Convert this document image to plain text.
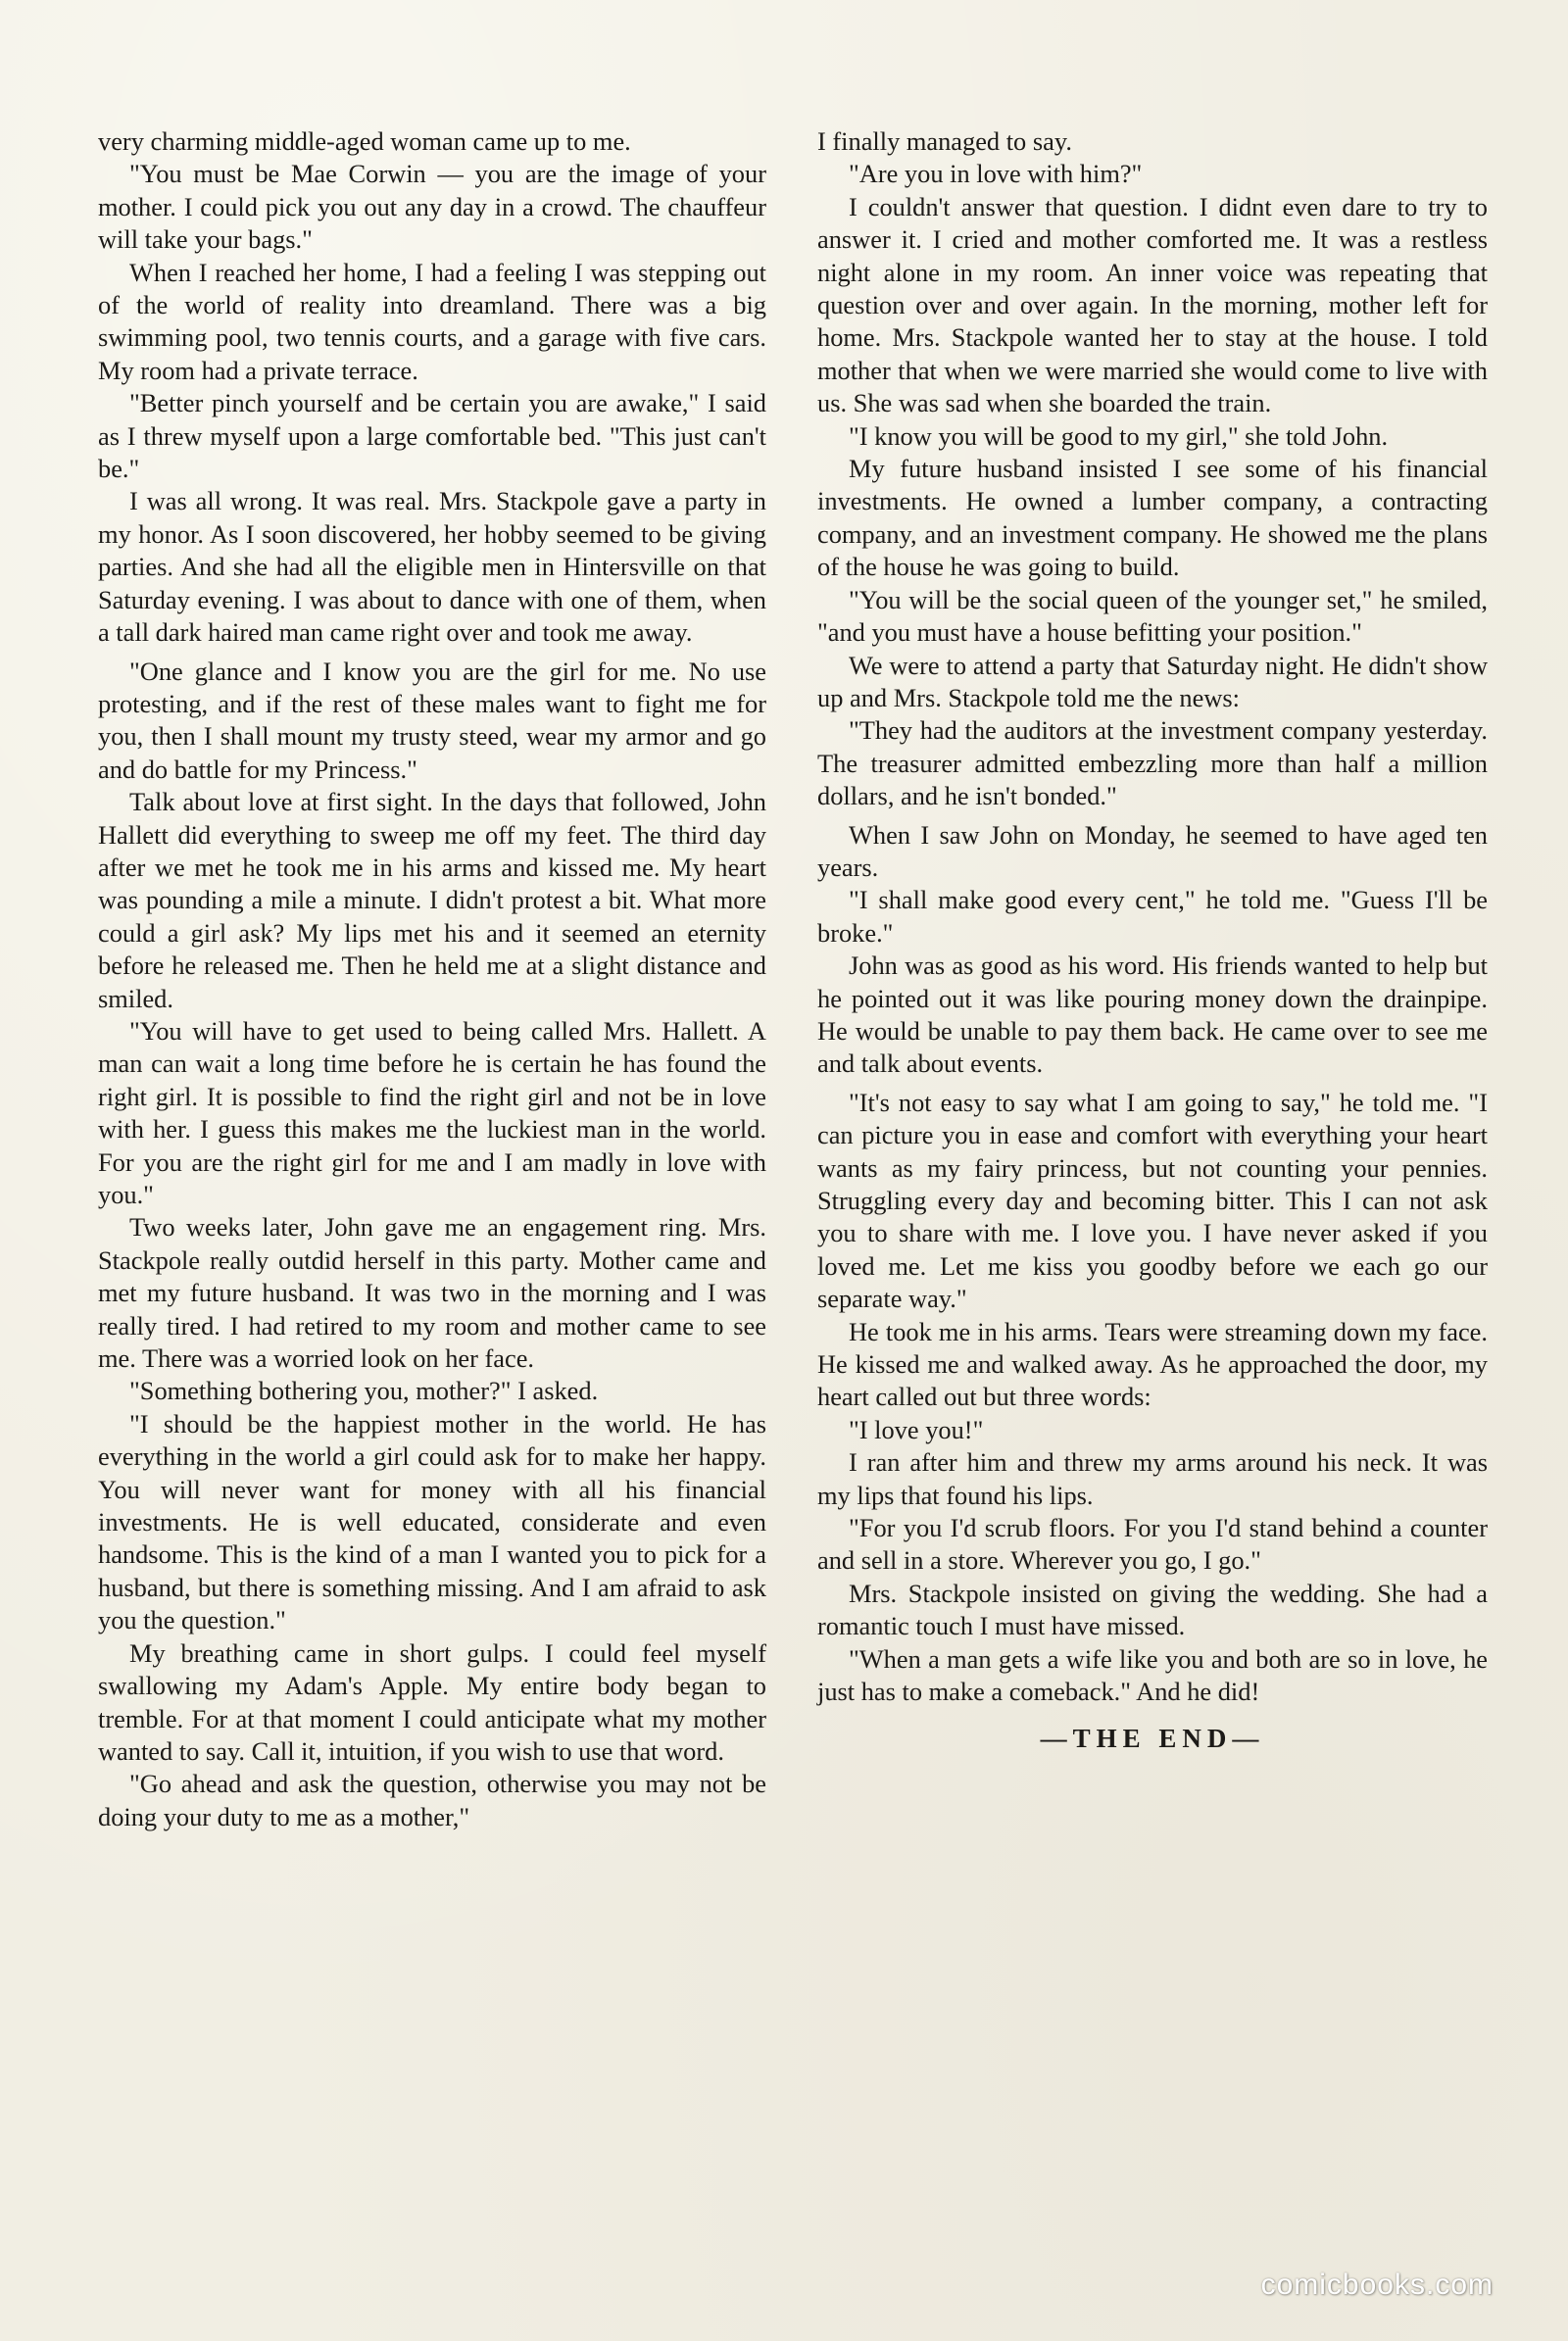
very charming middle-aged woman came up to me.

"You must be Mae Corwin — you are the image of your mother. I could pick you out any day in a crowd. The chauffeur will take your bags."

When I reached her home, I had a feeling I was stepping out of the world of reality into dreamland. There was a big swimming pool, two tennis courts, and a garage with five cars. My room had a private terrace.

"Better pinch yourself and be certain you are awake," I said as I threw myself upon a large comfortable bed. "This just can't be."

I was all wrong. It was real. Mrs. Stackpole gave a party in my honor. As I soon discovered, her hobby seemed to be giving parties. And she had all the eligible men in Hintersville on that Saturday evening. I was about to dance with one of them, when a tall dark haired man came right over and took me away.

"One glance and I know you are the girl for me. No use protesting, and if the rest of these males want to fight me for you, then I shall mount my trusty steed, wear my armor and go and do battle for my Princess."

Talk about love at first sight. In the days that followed, John Hallett did everything to sweep me off my feet. The third day after we met he took me in his arms and kissed me. My heart was pounding a mile a minute. I didn't protest a bit. What more could a girl ask? My lips met his and it seemed an eternity before he released me. Then he held me at a slight distance and smiled.

"You will have to get used to being called Mrs. Hallett. A man can wait a long time before he is certain he has found the right girl. It is possible to find the right girl and not be in love with her. I guess this makes me the luckiest man in the world. For you are the right girl for me and I am madly in love with you."

Two weeks later, John gave me an engagement ring. Mrs. Stackpole really outdid herself in this party. Mother came and met my future husband. It was two in the morning and I was really tired. I had retired to my room and mother came to see me. There was a worried look on her face.

"Something bothering you, mother?" I asked.

"I should be the happiest mother in the world. He has everything in the world a girl could ask for to make her happy. You will never want for money with all his financial investments. He is well educated, considerate and even handsome. This is the kind of a man I wanted you to pick for a husband, but there is something missing. And I am afraid to ask you the question."

My breathing came in short gulps. I could feel myself swallowing my Adam's Apple. My entire body began to tremble. For at that moment I could anticipate what my mother wanted to say. Call it, intuition, if you wish to use that word.

"Go ahead and ask the question, otherwise you may not be doing your duty to me as a mother,"

I finally managed to say.

"Are you in love with him?"

I couldn't answer that question. I didnt even dare to try to answer it. I cried and mother comforted me. It was a restless night alone in my room. An inner voice was repeating that question over and over again. In the morning, mother left for home. Mrs. Stackpole wanted her to stay at the house. I told mother that when we were married she would come to live with us. She was sad when she boarded the train.

"I know you will be good to my girl," she told John.

My future husband insisted I see some of his financial investments. He owned a lumber company, a contracting company, and an investment company. He showed me the plans of the house he was going to build.

"You will be the social queen of the younger set," he smiled, "and you must have a house befitting your position."

We were to attend a party that Saturday night. He didn't show up and Mrs. Stackpole told me the news:

"They had the auditors at the investment company yesterday. The treasurer admitted embezzling more than half a million dollars, and he isn't bonded."

When I saw John on Monday, he seemed to have aged ten years.

"I shall make good every cent," he told me. "Guess I'll be broke."

John was as good as his word. His friends wanted to help but he pointed out it was like pouring money down the drainpipe. He would be unable to pay them back. He came over to see me and talk about events.

"It's not easy to say what I am going to say," he told me. "I can picture you in ease and comfort with everything your heart wants as my fairy princess, but not counting your pennies. Struggling every day and becoming bitter. This I can not ask you to share with me. I love you. I have never asked if you loved me. Let me kiss you goodby before we each go our separate way."

He took me in his arms. Tears were streaming down my face. He kissed me and walked away. As he approached the door, my heart called out but three words:

"I love you!"

I ran after him and threw my arms around his neck. It was my lips that found his lips.

"For you I'd scrub floors. For you I'd stand behind a counter and sell in a store. Wherever you go, I go."

Mrs. Stackpole insisted on giving the wedding. She had a romantic touch I must have missed.

"When a man gets a wife like you and both are so in love, he just has to make a comeback." And he did!

—THE END—

comicbooks.com
